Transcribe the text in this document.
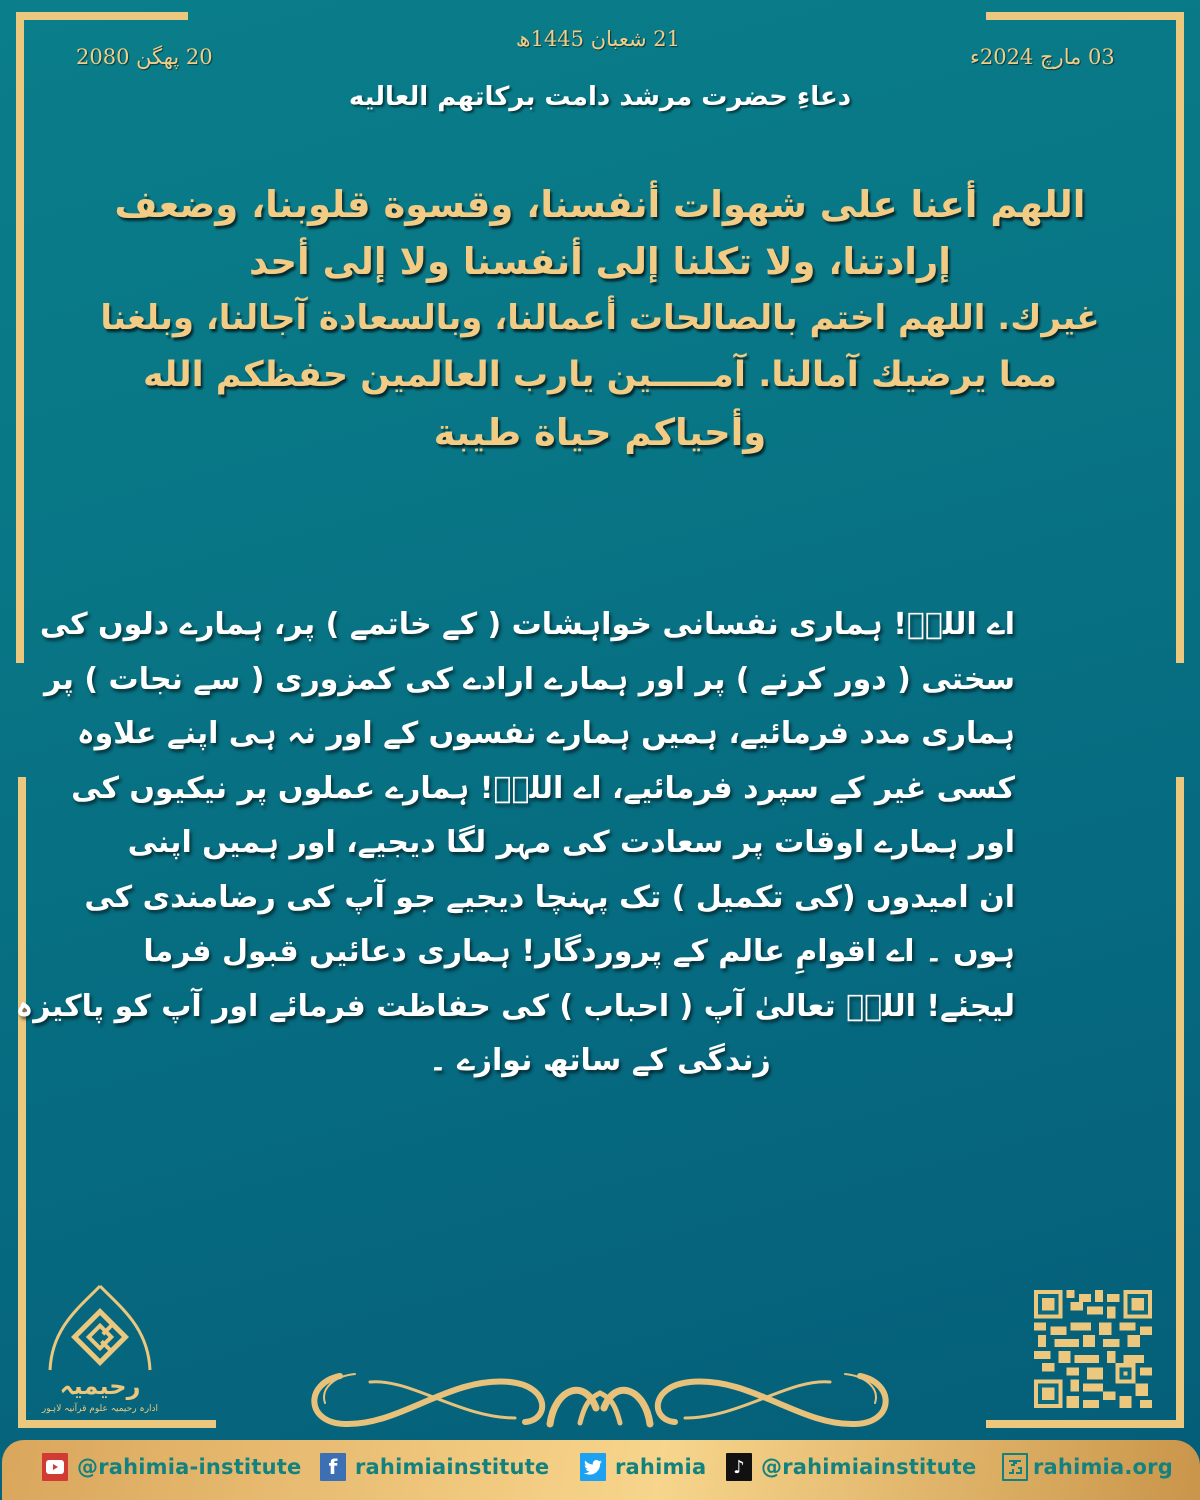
20 پھگن 2080
21 شعبان 1445ھ
03 مارچ 2024ء
دعاءِ حضرت مرشد دامت برکاتهم العالیه
اللهم أعنا على شهوات أنفسنا، وقسوة قلوبنا، وضعف
إرادتنا، ولا تكلنا إلى أنفسنا ولا إلى أحد
غيرك. اللهم اختم بالصالحات أعمالنا، وبالسعادة آجالنا، وبلغنا
مما يرضيك آمالنا. آمـــــين يارب العالمين حفظكم الله
وأحياكم حياة طيبة
اے اللہؑ! ہماری نفسانی خواہشات ( کے خاتمے ) پر، ہمارے دلوں کی
سختی ( دور کرنے ) پر اور ہمارے ارادے کی کمزوری ( سے نجات ) پر
ہماری مدد فرمائیے، ہمیں ہمارے نفسوں کے اور نہ ہی اپنے علاوہ
کسی غیر کے سپرد فرمائیے، اے اللہؑ! ہمارے عملوں پر نیکیوں کی
اور ہمارے اوقات پر سعادت کی مہر لگا دیجیے، اور ہمیں اپنی
ان امیدوں (کی تکمیل ) تک پہنچا دیجیے جو آپ کی رضامندی کی
ہوں ۔ اے اقوامِ عالم کے پروردگار! ہماری دعائیں قبول فرما
لیجئے! اللہؑ تعالیٰ آپ ( احباب ) کی حفاظت فرمائے اور آپ کو پاکیزہ
زندگی کے ساتھ نوازے ۔
رحیمیہ
ادارہ رحیمیہ علوم قرآنیہ لاہور
@rahimia-institute	f rahimiainstitute	rahimia	♪ @rahimiainstitute	rahimia.org
